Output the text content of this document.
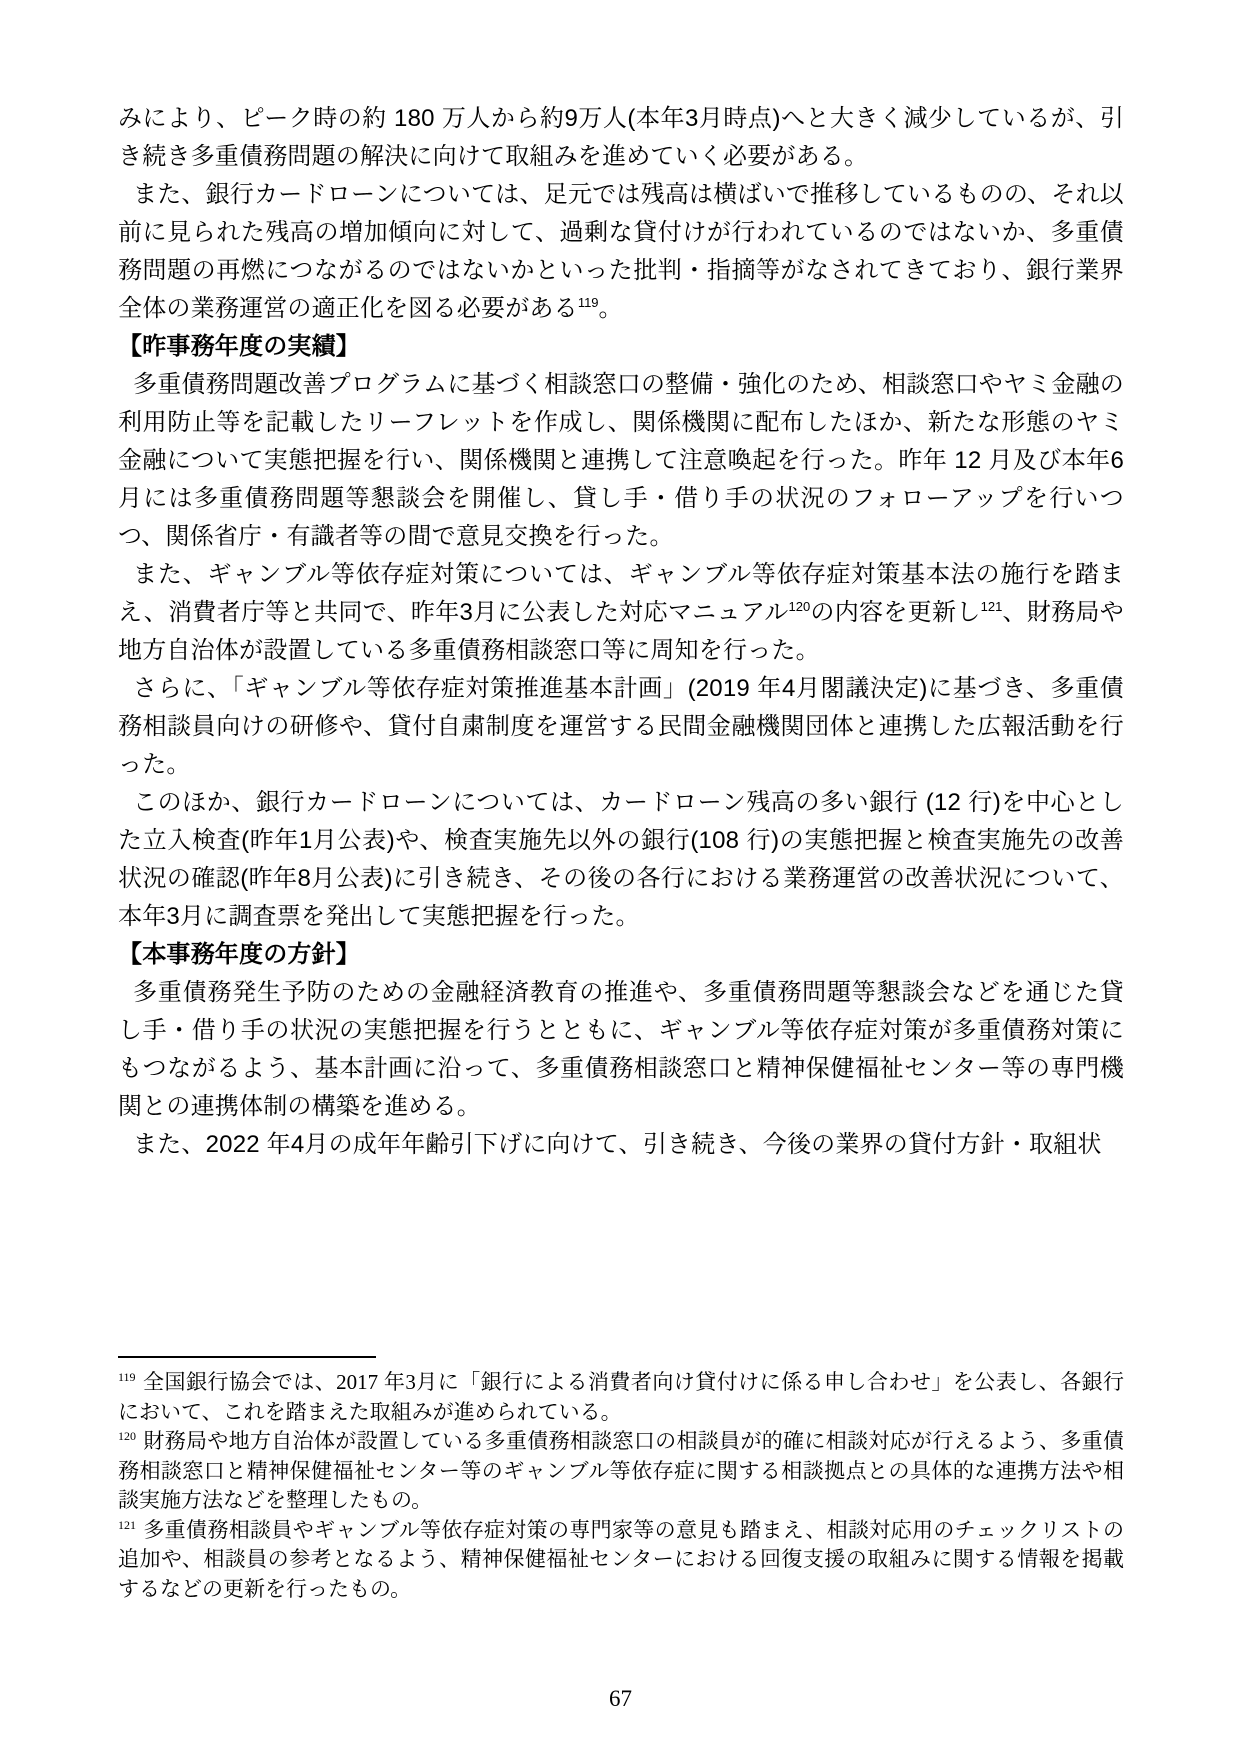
みにより、ピーク時の約 180 万人から約9万人(本年3月時点)へと大きく減少しているが、引き続き多重債務問題の解決に向けて取組みを進めていく必要がある。

また、銀行カードローンについては、足元では残高は横ばいで推移しているものの、それ以前に見られた残高の増加傾向に対して、過剰な貸付けが行われているのではないか、多重債務問題の再燃につながるのではないかといった批判・指摘等がなされてきており、銀行業界全体の業務運営の適正化を図る必要がある$^{119}$。

【昨事務年度の実績】

多重債務問題改善プログラムに基づく相談窓口の整備・強化のため、相談窓口やヤミ金融の利用防止等を記載したリーフレットを作成し、関係機関に配布したほか、新たな形態のヤミ金融について実態把握を行い、関係機関と連携して注意喚起を行った。昨年 12 月及び本年6月には多重債務問題等懇談会を開催し、貸し手・借り手の状況のフォローアップを行いつつ、関係省庁・有識者等の間で意見交換を行った。

また、ギャンブル等依存症対策については、ギャンブル等依存症対策基本法の施行を踏まえ、消費者庁等と共同で、昨年3月に公表した対応マニュアル$^{120}$の内容を更新し$^{121}$、財務局や地方自治体が設置している多重債務相談窓口等に周知を行った。

さらに、「ギャンブル等依存症対策推進基本計画」(2019 年4月閣議決定)に基づき、多重債務相談員向けの研修や、貸付自粛制度を運営する民間金融機関団体と連携した広報活動を行った。

このほか、銀行カードローンについては、カードローン残高の多い銀行 (12 行)を中心とした立入検査(昨年1月公表)や、検査実施先以外の銀行(108 行)の実態把握と検査実施先の改善状況の確認(昨年8月公表)に引き続き、その後の各行における業務運営の改善状況について、本年3月に調査票を発出して実態把握を行った。

【本事務年度の方針】

多重債務発生予防のための金融経済教育の推進や、多重債務問題等懇談会などを通じた貸し手・借り手の状況の実態把握を行うとともに、ギャンブル等依存症対策が多重債務対策にもつながるよう、基本計画に沿って、多重債務相談窓口と精神保健福祉センター等の専門機関との連携体制の構築を進める。

また、2022 年4月の成年年齢引下げに向けて、引き続き、今後の業界の貸付方針・取組状

$^{119}$ 全国銀行協会では、2017 年3月に「銀行による消費者向け貸付けに係る申し合わせ」を公表し、各銀行において、これを踏まえた取組みが進められている。

$^{120}$ 財務局や地方自治体が設置している多重債務相談窓口の相談員が的確に相談対応が行えるよう、多重債務相談窓口と精神保健福祉センター等のギャンブル等依存症に関する相談拠点との具体的な連携方法や相談実施方法などを整理したもの。

$^{121}$ 多重債務相談員やギャンブル等依存症対策の専門家等の意見も踏まえ、相談対応用のチェックリストの追加や、相談員の参考となるよう、精神保健福祉センターにおける回復支援の取組みに関する情報を掲載するなどの更新を行ったもの。

67
